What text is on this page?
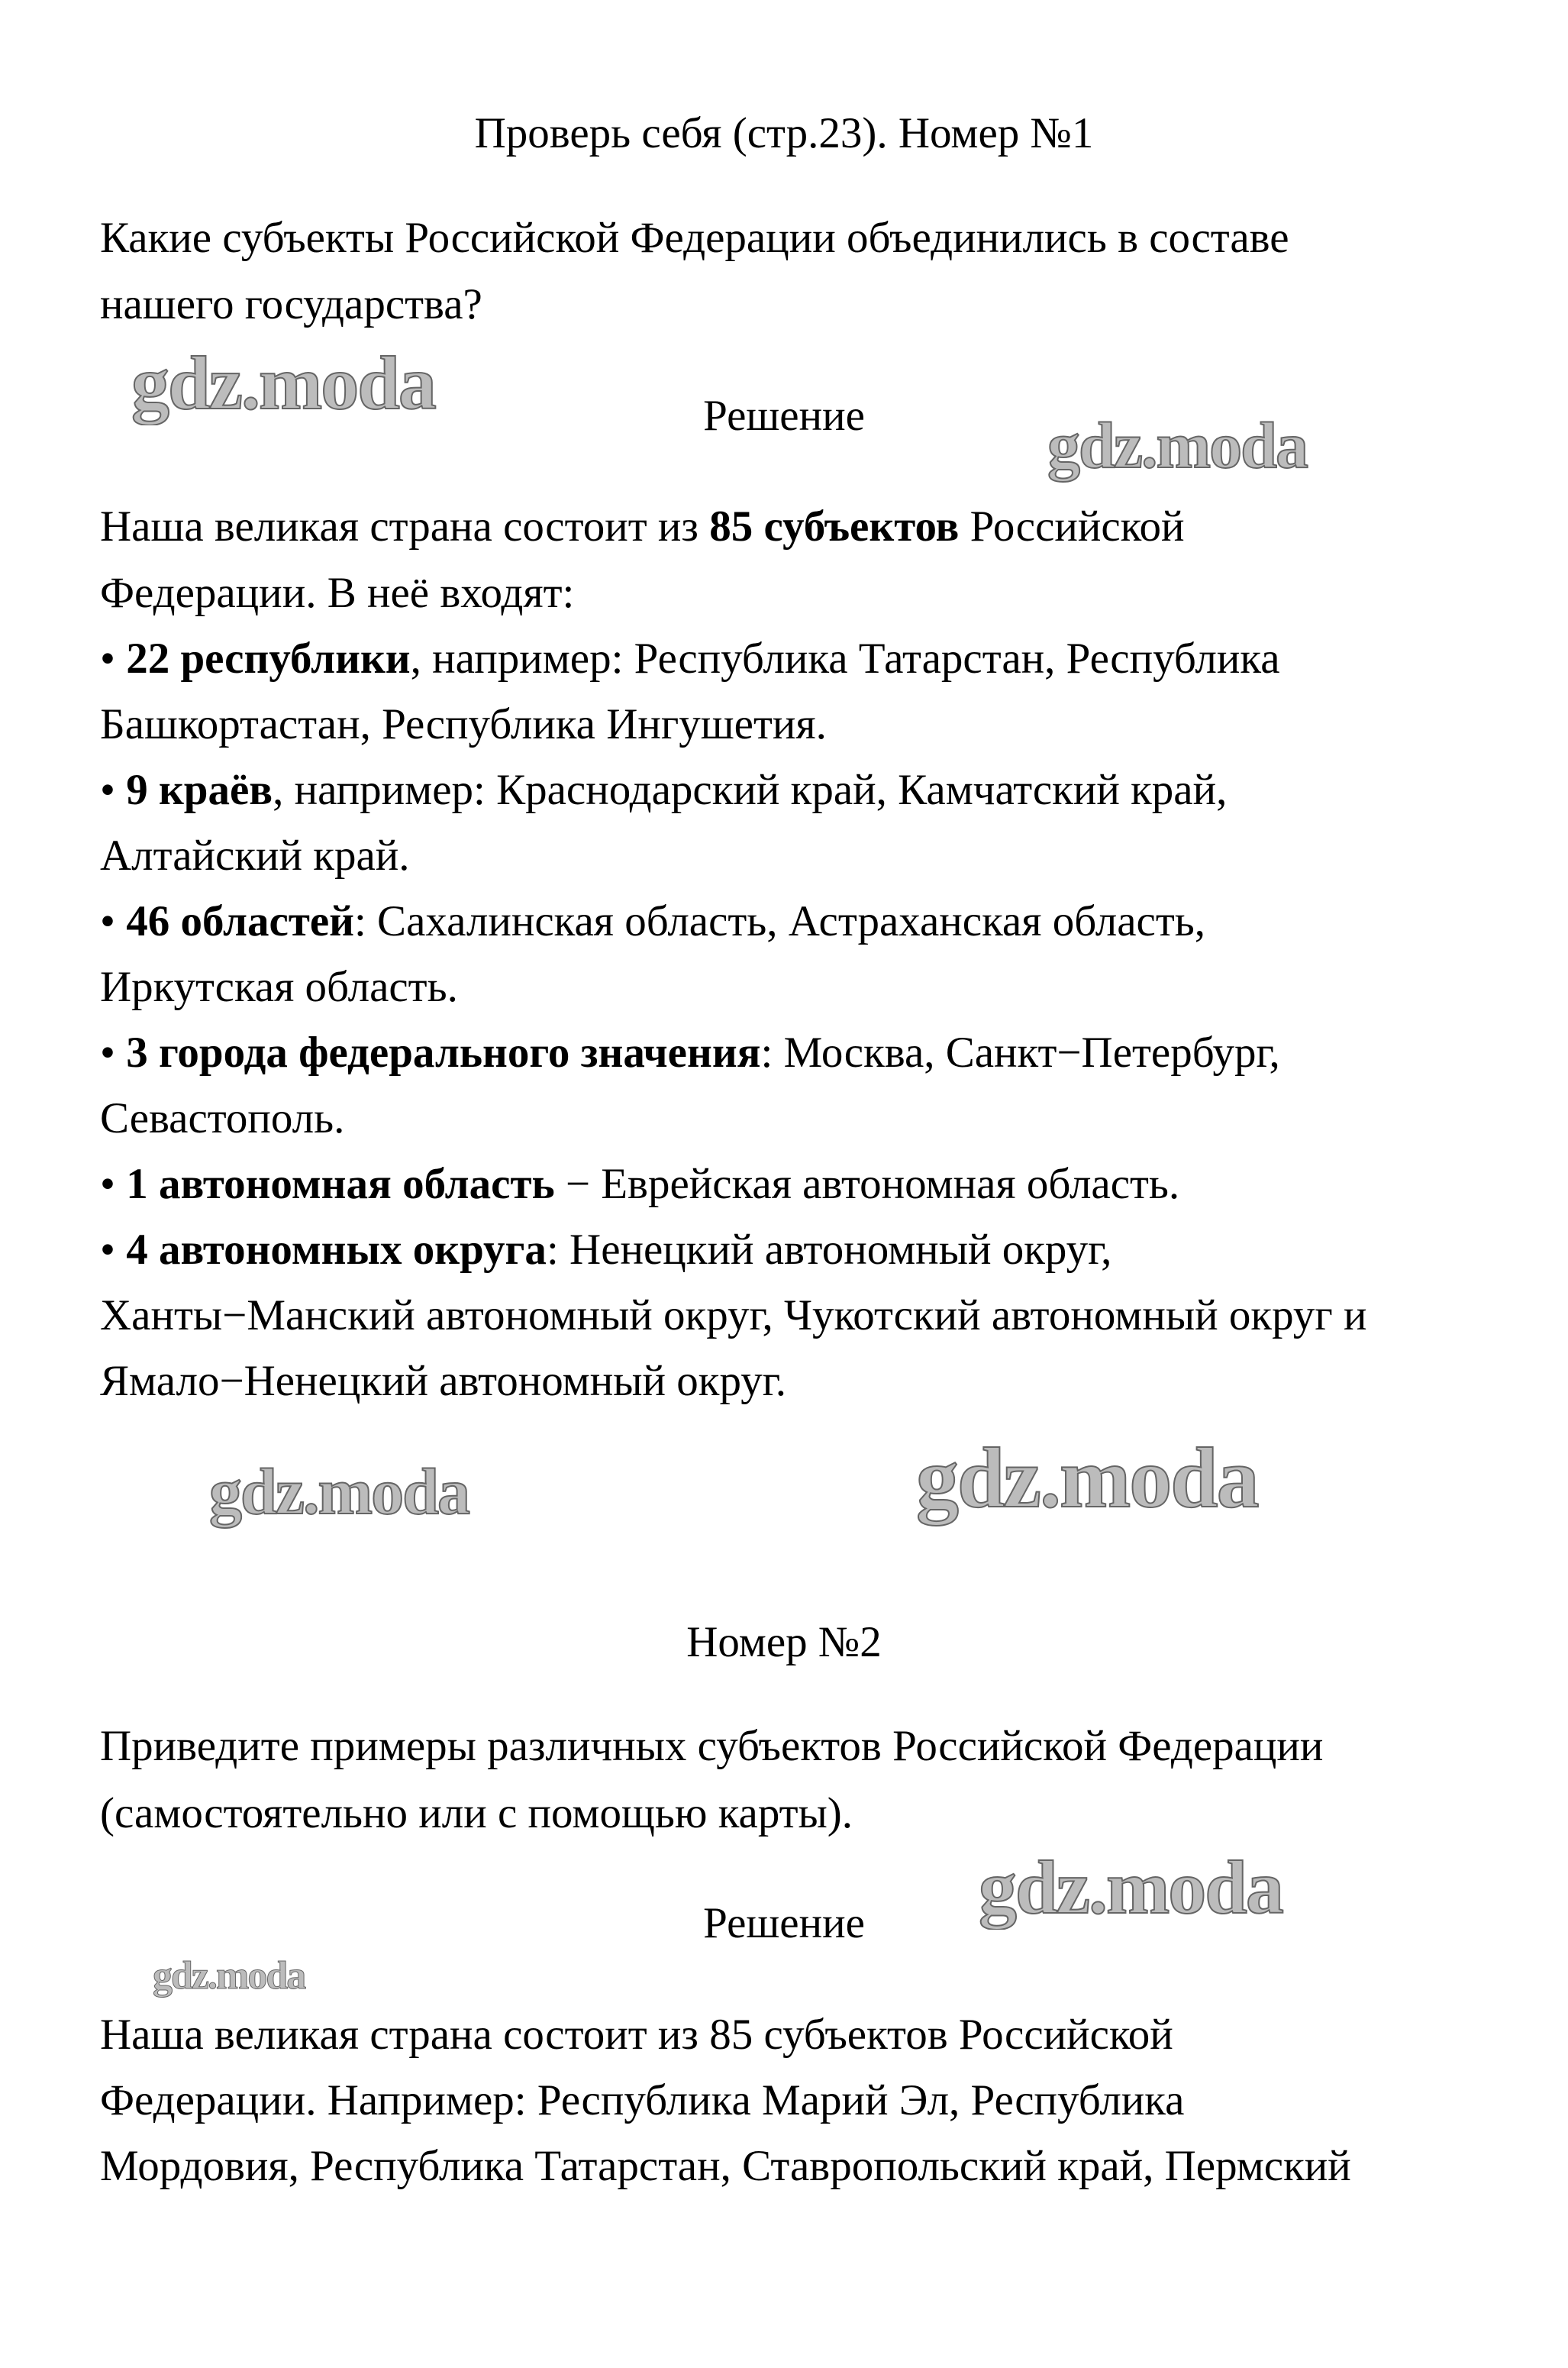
gdz.moda
gdz.moda
gdz.moda
gdz.moda
gdz.moda
gdz.moda
Проверь себя (стр.23). Номер №1
Какие субъекты Российской Федерации объединились в составе
нашего государства?
Решение
Наша великая страна состоит из 85 субъектов Российской
Федерации. В неё входят:
• 22 республики, например: Республика Татарстан, Республика
Башкортастан, Республика Ингушетия.
• 9 краёв, например: Краснодарский край, Камчатский край,
Алтайский край.
• 46 областей: Сахалинская область, Астраханская область,
Иркутская область.
• 3 города федерального значения: Москва, Санкт−Петербург,
Севастополь.
• 1 автономная область − Еврейская автономная область.
• 4 автономных округа: Ненецкий автономный округ,
Ханты−Манский автономный округ, Чукотский автономный округ и
Ямало−Ненецкий автономный округ.
Номер №2
Приведите примеры различных субъектов Российской Федерации
(самостоятельно или с помощью карты).
Решение
Наша великая страна состоит из 85 субъектов Российской
Федерации. Например: Республика Марий Эл, Республика
Мордовия, Республика Татарстан, Ставропольский край, Пермский
